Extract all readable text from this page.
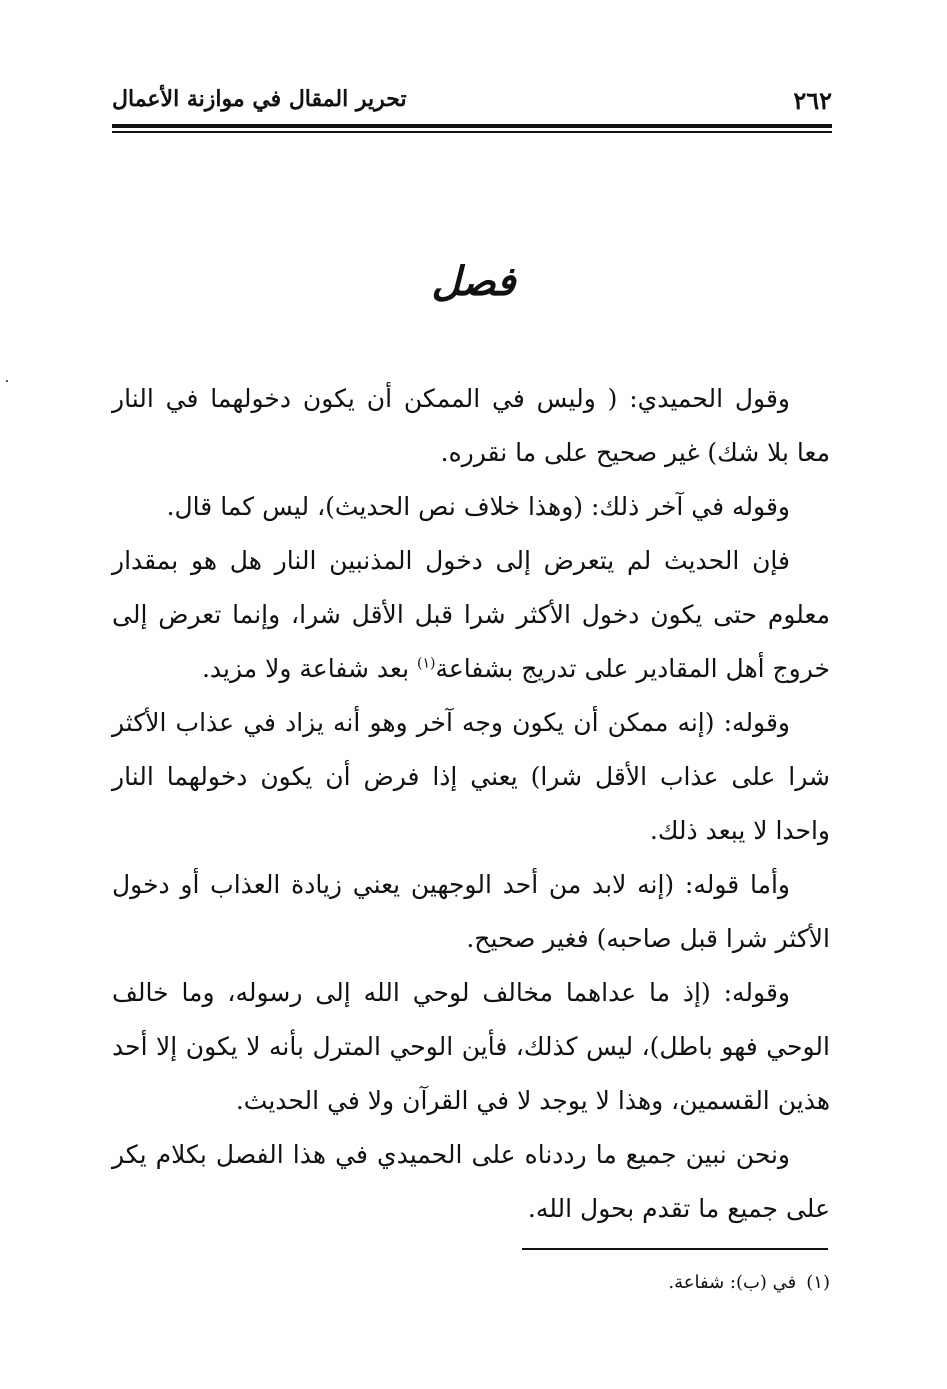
٢٦٢
تحرير المقال في موازنة الأعمال
فصل

وقول الحميدي: ( وليس في الممكن أن يكون دخولهما في النار معا بلا شك) غير صحيح على ما نقرره.

وقوله في آخر ذلك: (وهذا خلاف نص الحديث)، ليس كما قال.

فإن الحديث لم يتعرض إلى دخول المذنبين النار هل هو بمقدار معلوم حتى يكون دخول الأكثر شرا قبل الأقل شرا، وإنما تعرض إلى خروج أهل المقادير على تدريج بشفاعة$^{(١)}$ بعد شفاعة ولا مزيد.

وقوله: (إنه ممكن أن يكون وجه آخر وهو أنه يزاد في عذاب الأكثر شرا على عذاب الأقل شرا) يعني إذا فرض أن يكون دخولهما النار واحدا لا يبعد ذلك.

وأما قوله: (إنه لابد من أحد الوجهين يعني زيادة العذاب أو دخول الأكثر شرا قبل صاحبه) فغير صحيح.

وقوله: (إذ ما عداهما مخالف لوحي الله إلى رسوله، وما خالف الوحي فهو باطل)، ليس كذلك، فأين الوحي المترل بأنه لا يكون إلا أحد هذين القسمين، وهذا لا يوجد لا في القرآن ولا في الحديث.

ونحن نبين جميع ما رددناه على الحميدي في هذا الفصل بكلام يكر على جميع ما تقدم بحول الله.

(١)في (ب): شفاعة.
